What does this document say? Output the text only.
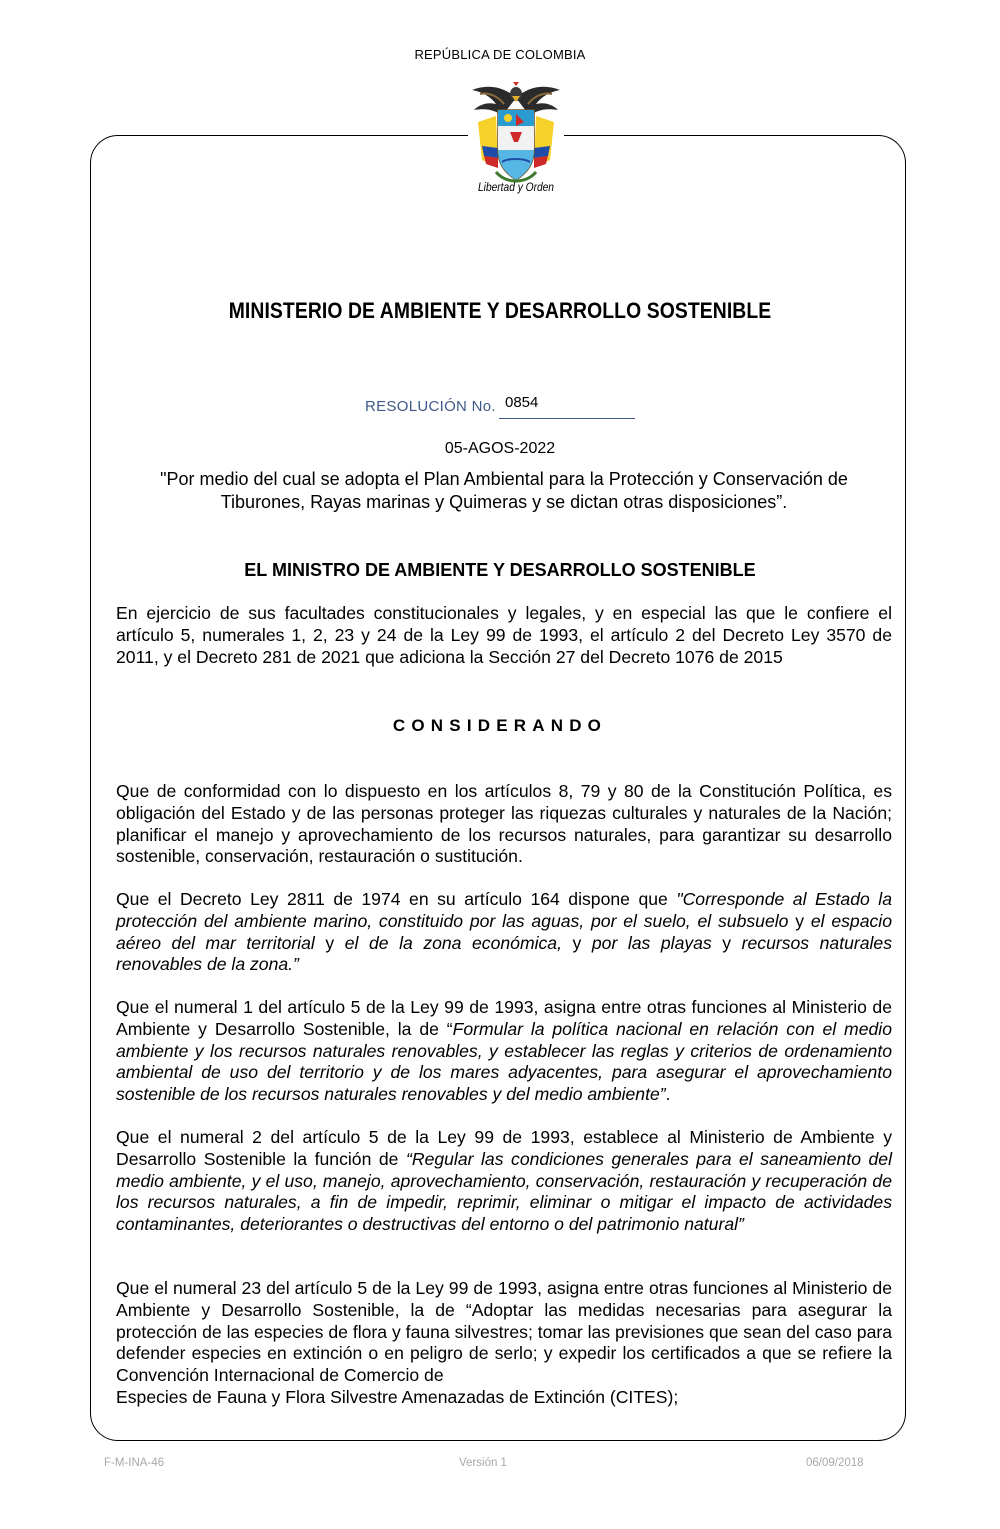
REPÚBLICA DE COLOMBIA
Libertad y Orden
MINISTERIO DE AMBIENTE Y DESARROLLO SOSTENIBLE
RESOLUCIÓN No. 0854
05-AGOS-2022
"Por medio del cual se adopta el Plan Ambiental para la Protección y Conservación de
Tiburones, Rayas marinas y Quimeras y se dictan otras disposiciones”.
EL MINISTRO DE AMBIENTE Y DESARROLLO SOSTENIBLE
En ejercicio de sus facultades constitucionales y legales, y en especial las que le confiere el artículo 5, numerales 1, 2, 23 y 24 de la Ley 99 de 1993, el artículo 2 del Decreto Ley 3570 de 2011, y el Decreto 281 de 2021 que adiciona la Sección 27 del Decreto 1076 de 2015
CONSIDERANDO
Que de conformidad con lo dispuesto en los artículos 8, 79 y 80 de la Constitución Política, es obligación del Estado y de las personas proteger las riquezas culturales y naturales de la Nación; planificar el manejo y aprovechamiento de los recursos naturales, para garantizar su desarrollo sostenible, conservación, restauración o sustitución.
Que el Decreto Ley 2811 de 1974 en su artículo 164 dispone que "Corresponde al Estado la protección del ambiente marino, constituido por las aguas, por el suelo, el subsuelo y el espacio aéreo del mar territorial y el de la zona económica, y por las playas y recursos naturales renovables de la zona.”
Que el numeral 1 del artículo 5 de la Ley 99 de 1993, asigna entre otras funciones al Ministerio de Ambiente y Desarrollo Sostenible, la de “Formular la política nacional en relación con el medio ambiente y los recursos naturales renovables, y establecer las reglas y criterios de ordenamiento ambiental de uso del territorio y de los mares adyacentes, para asegurar el aprovechamiento sostenible de los recursos naturales renovables y del medio ambiente”.
Que el numeral 2 del artículo 5 de la Ley 99 de 1993, establece al Ministerio de Ambiente y Desarrollo Sostenible la función de “Regular las condiciones generales para el saneamiento del medio ambiente, y el uso, manejo, aprovechamiento, conservación, restauración y recuperación de los recursos naturales, a fin de impedir, reprimir, eliminar o mitigar el impacto de actividades contaminantes, deteriorantes o destructivas del entorno o del patrimonio natural”
Que el numeral 23 del artículo 5 de la Ley 99 de 1993, asigna entre otras funciones al Ministerio de Ambiente y Desarrollo Sostenible, la de “Adoptar las medidas necesarias para asegurar la protección de las especies de flora y fauna silvestres; tomar las previsiones que sean del caso para defender especies en extinción o en peligro de serlo; y expedir los certificados a que se refiere la Convención Internacional de Comercio de
Especies de Fauna y Flora Silvestre Amenazadas de Extinción (CITES);
F-M-INA-46	Versión 1	06/09/2018
